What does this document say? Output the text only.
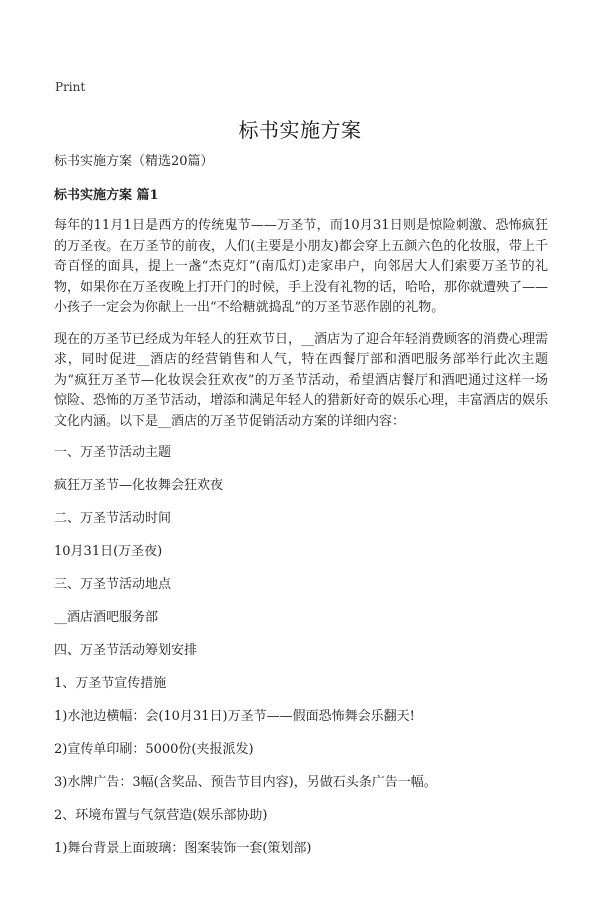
Print
标书实施方案

标书实施方案（精选20篇）

标书实施方案 篇1

每年的11月1日是西方的传统鬼节——万圣节，而10月31日则是惊险刺激、恐怖疯狂的万圣夜。在万圣节的前夜，人们(主要是小朋友)都会穿上五颜六色的化妆服，带上千奇百怪的面具，提上一盏“杰克灯”(南瓜灯)走家串户，向邻居大人们索要万圣节的礼物，如果你在万圣夜晚上打开门的时候，手上没有礼物的话，哈哈，那你就遭殃了——小孩子一定会为你献上一出“不给糖就捣乱”的万圣节恶作剧的礼物。

现在的万圣节已经成为年轻人的狂欢节日，__酒店为了迎合年轻消费顾客的消费心理需求，同时促进__酒店的经营销售和人气，特在西餐厅部和酒吧服务部举行此次主题为“疯狂万圣节—化妆误会狂欢夜”的万圣节活动，希望酒店餐厅和酒吧通过这样一场惊险、恐怖的万圣节活动，增添和满足年轻人的猎新好奇的娱乐心理，丰富酒店的娱乐文化内涵。以下是__酒店的万圣节促销活动方案的详细内容：

一、万圣节活动主题

疯狂万圣节—化妆舞会狂欢夜

二、万圣节活动时间

10月31日(万圣夜)

三、万圣节活动地点

__酒店酒吧服务部

四、万圣节活动筹划安排

1、万圣节宣传措施

1)水池边横幅：会(10月31日)万圣节——假面恐怖舞会乐翻天!

2)宣传单印刷：5000份(夹报派发)

3)水牌广告：3幅(含奖品、预告节目内容)，另做石头条广告一幅。

2、环境布置与气氛营造(娱乐部协助)

1)舞台背景上面玻璃：图案装饰一套(策划部)
